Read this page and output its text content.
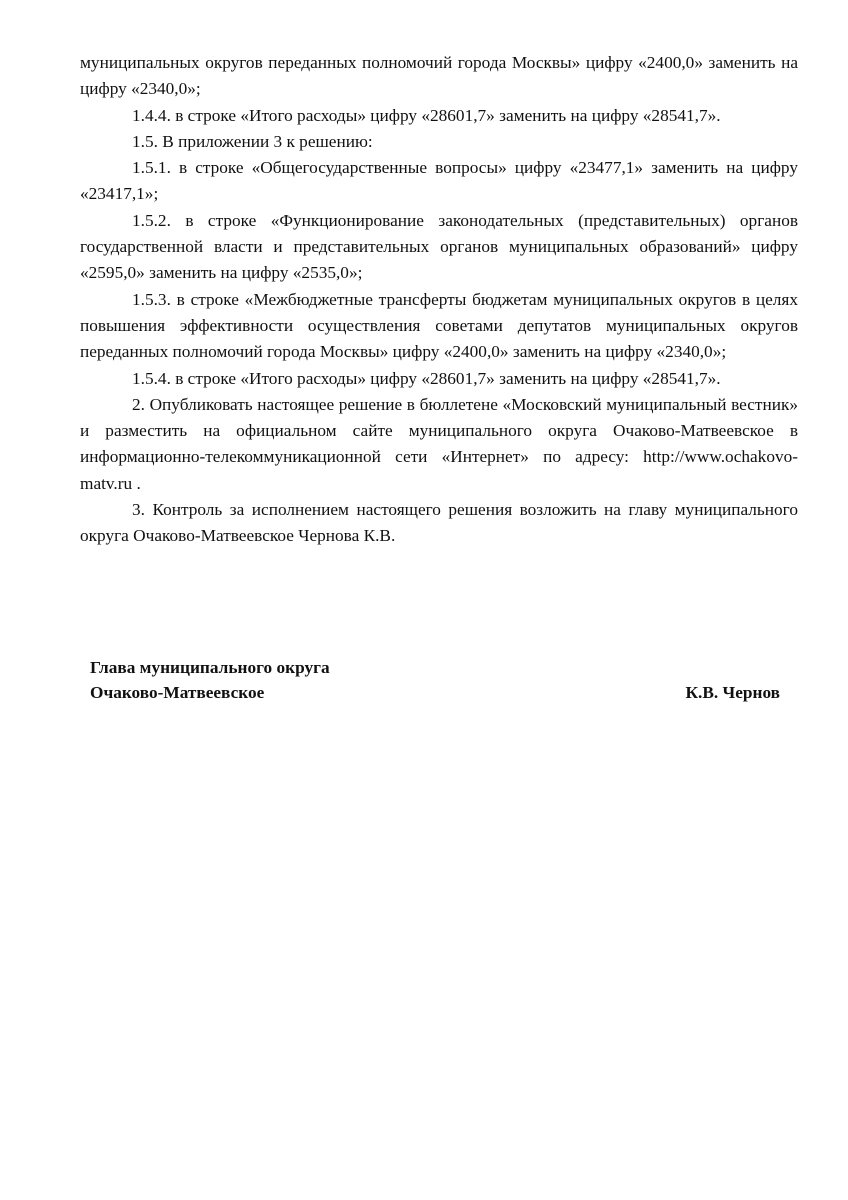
муниципальных округов переданных полномочий города Москвы» цифру «2400,0» заменить на цифру «2340,0»;

1.4.4. в строке «Итого расходы» цифру «28601,7» заменить на цифру «28541,7».

1.5. В приложении 3 к решению:

1.5.1. в строке «Общегосударственные вопросы» цифру «23477,1» заменить на цифру «23417,1»;

1.5.2. в строке «Функционирование законодательных (представительных) органов государственной власти и представительных органов муниципальных образований» цифру «2595,0» заменить на цифру «2535,0»;

1.5.3. в строке «Межбюджетные трансферты бюджетам муниципальных округов в целях повышения эффективности осуществления советами депутатов муниципальных округов переданных полномочий города Москвы» цифру «2400,0» заменить на цифру «2340,0»;

1.5.4. в строке «Итого расходы» цифру «28601,7» заменить на цифру «28541,7».

2. Опубликовать настоящее решение в бюллетене «Московский муниципальный вестник» и разместить на официальном сайте муниципального округа Очаково-Матвеевское в информационно-телекоммуникационной сети «Интернет» по адресу: http://www.ochakovo-matv.ru .

3. Контроль за исполнением настоящего решения возложить на главу муниципального округа Очаково-Матвеевское Чернова К.В.

Глава муниципального округа
Очаково-Матвеевское	К.В. Чернов
